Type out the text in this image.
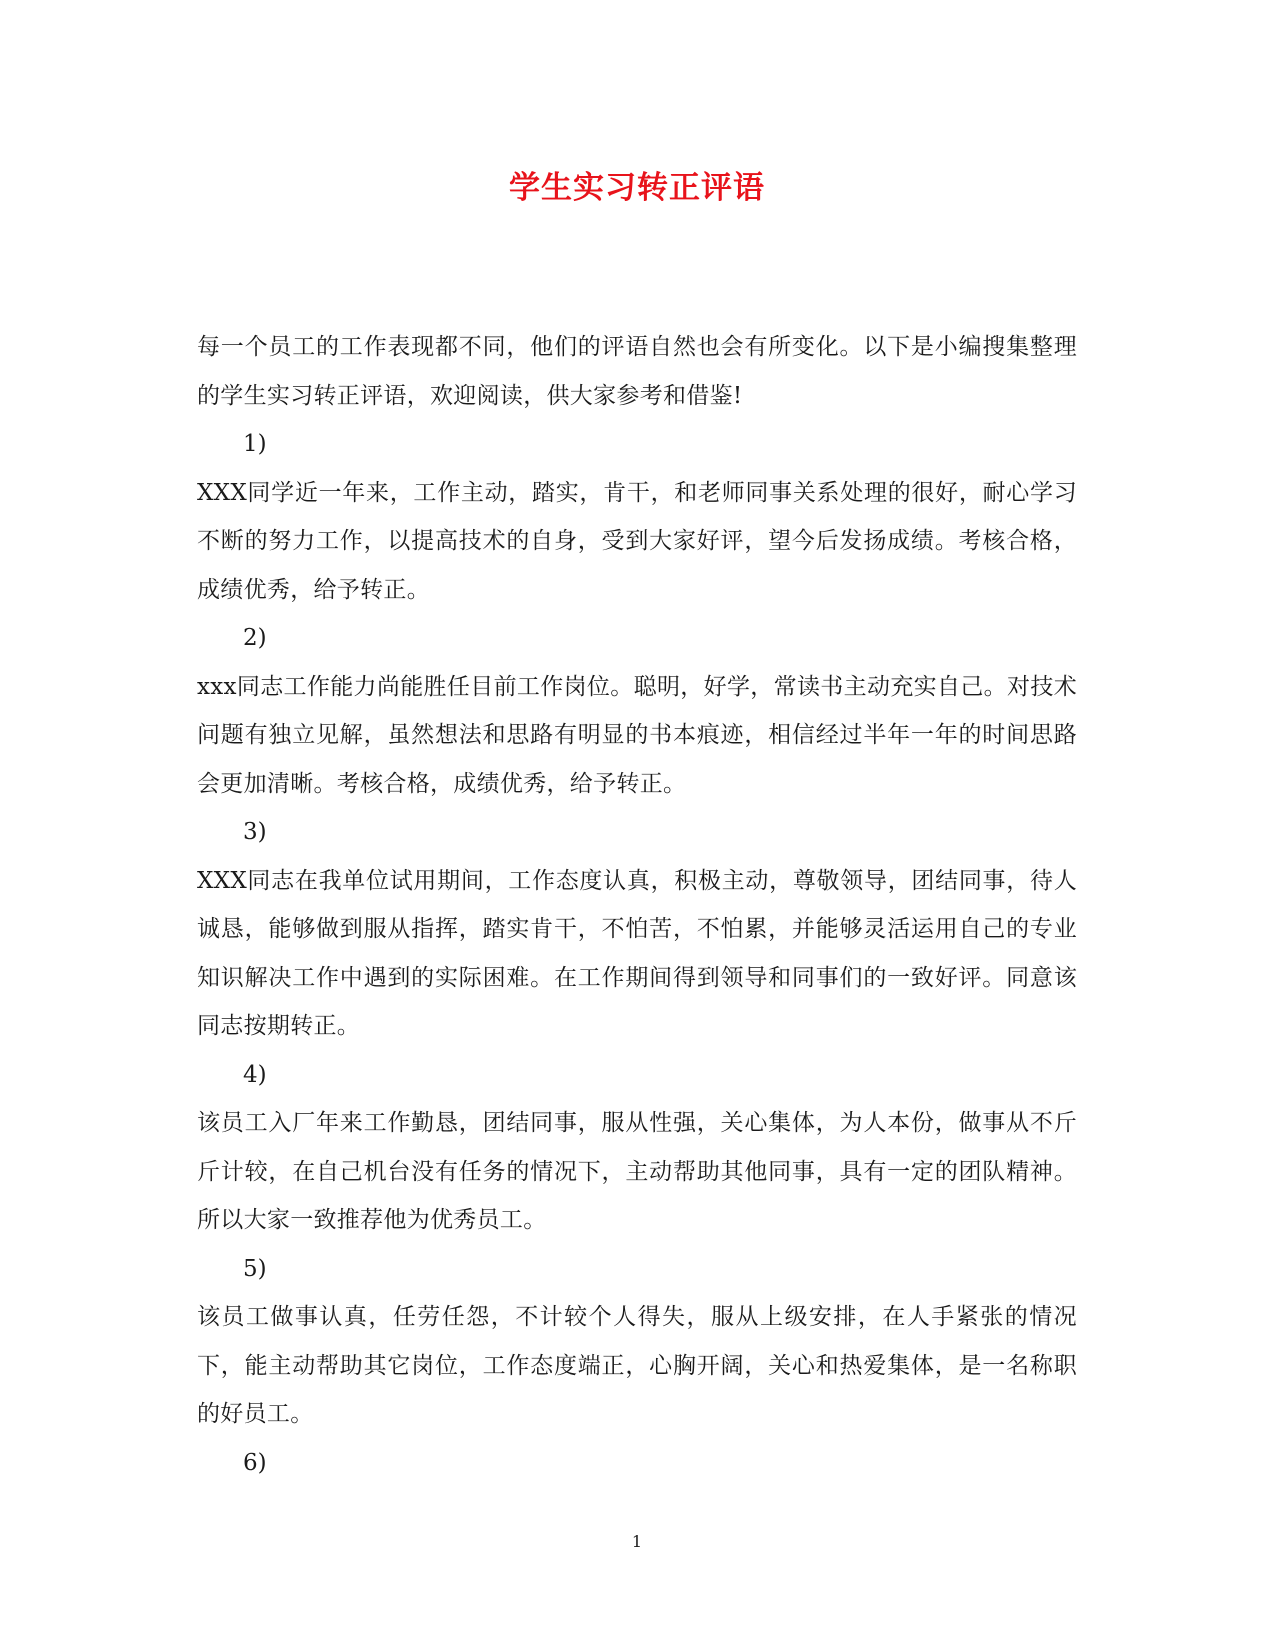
学生实习转正评语

每一个员工的工作表现都不同，他们的评语自然也会有所变化。以下是小编搜集整理的学生实习转正评语，欢迎阅读，供大家参考和借鉴!

1)

XXX同学近一年来，工作主动，踏实，肯干，和老师同事关系处理的很好，耐心学习不断的努力工作，以提高技术的自身，受到大家好评，望今后发扬成绩。考核合格，成绩优秀，给予转正。

2)

xxx同志工作能力尚能胜任目前工作岗位。聪明，好学，常读书主动充实自己。对技术问题有独立见解，虽然想法和思路有明显的书本痕迹，相信经过半年一年的时间思路会更加清晰。考核合格，成绩优秀，给予转正。

3)

XXX同志在我单位试用期间，工作态度认真，积极主动，尊敬领导，团结同事，待人诚恳，能够做到服从指挥，踏实肯干，不怕苦，不怕累，并能够灵活运用自己的专业知识解决工作中遇到的实际困难。在工作期间得到领导和同事们的一致好评。同意该同志按期转正。

4)

该员工入厂年来工作勤恳，团结同事，服从性强，关心集体，为人本份，做事从不斤斤计较，在自己机台没有任务的情况下，主动帮助其他同事，具有一定的团队精神。所以大家一致推荐他为优秀员工。

5)

该员工做事认真，任劳任怨，不计较个人得失，服从上级安排，在人手紧张的情况下，能主动帮助其它岗位，工作态度端正，心胸开阔，关心和热爱集体，是一名称职的好员工。

6)

1
